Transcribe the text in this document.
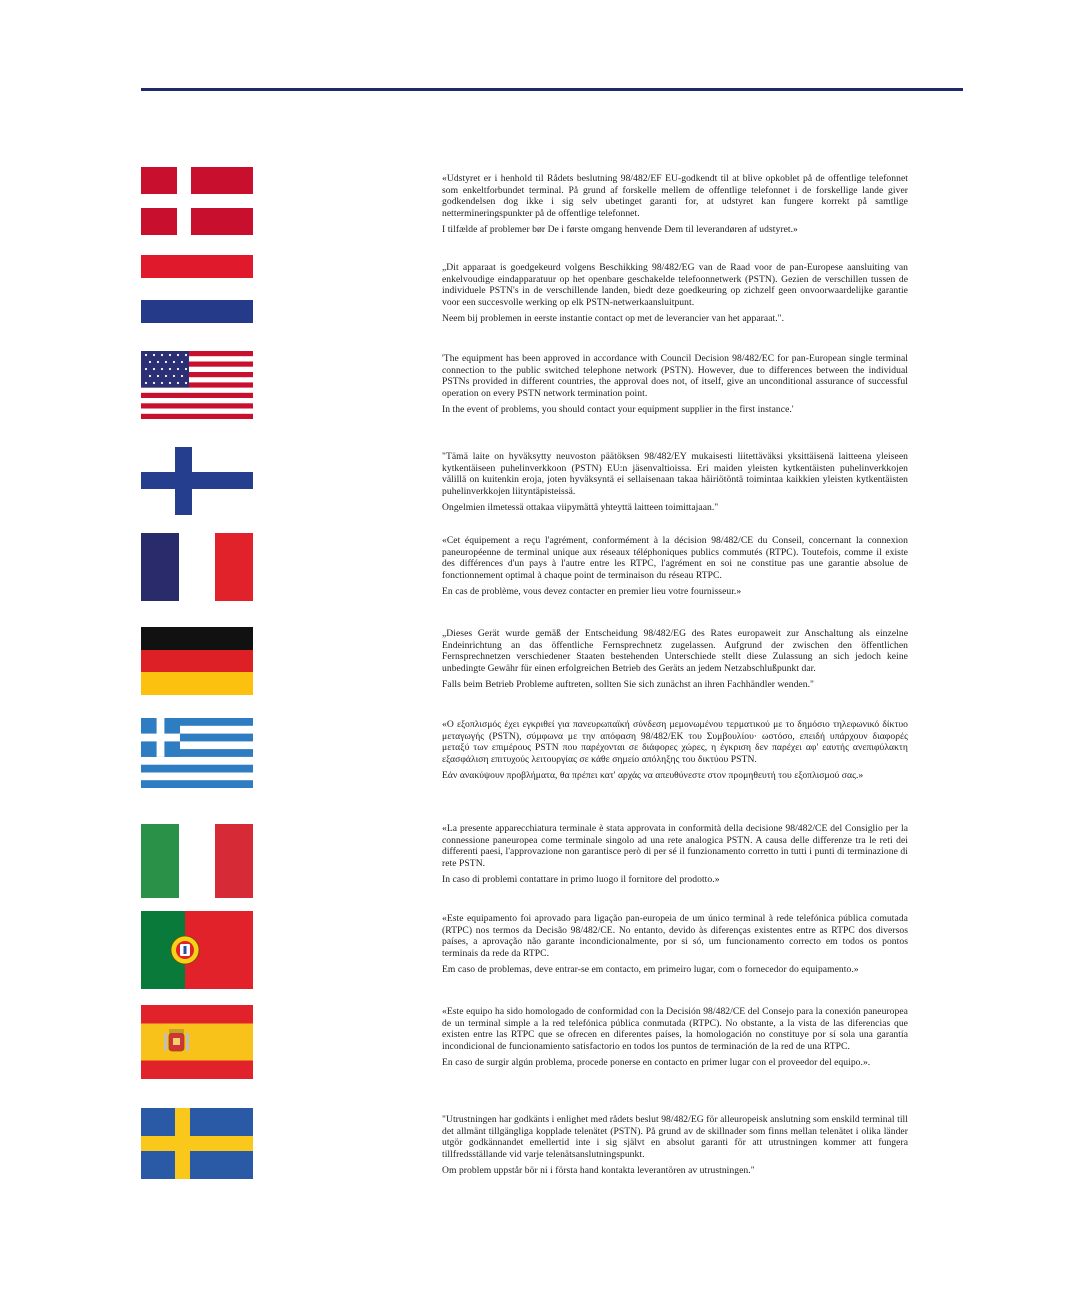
«Udstyret er i henhold til Rådets beslutning 98/482/EF EU-godkendt til at blive opkoblet på de offentlige telefonnet som enkeltforbundet terminal. På grund af forskelle mellem de offentlige telefonnet i de forskellige lande giver godkendelsen dog ikke i sig selv ubetinget garanti for, at udstyret kan fungere korrekt på samtlige nettermineringspunkter på de offentlige telefonnet.

I tilfælde af problemer bør De i første omgang henvende Dem til leverandøren af udstyret.»

„Dit apparaat is goedgekeurd volgens Beschikking 98/482/EG van de Raad voor de pan-Europese aansluiting van enkelvoudige eindapparatuur op het openbare geschakelde telefoonnetwerk (PSTN). Gezien de verschillen tussen de individuele PSTN's in de verschillende landen, biedt deze goedkeuring op zichzelf geen onvoorwaardelijke garantie voor een succesvolle werking op elk PSTN-netwerkaansluitpunt.

Neem bij problemen in eerste instantie contact op met de leverancier van het apparaat.".

'The equipment has been approved in accordance with Council Decision 98/482/EC for pan-European single terminal connection to the public switched telephone network (PSTN). However, due to differences between the individual PSTNs provided in different countries, the approval does not, of itself, give an unconditional assurance of successful operation on every PSTN network termination point.

In the event of problems, you should contact your equipment supplier in the first instance.'

"Tämä laite on hyväksytty neuvoston päätöksen 98/482/EY mukaisesti liitettäväksi yksittäisenä laitteena yleiseen kytkentäiseen puhelinverkkoon (PSTN) EU:n jäsenvaltioissa. Eri maiden yleisten kytkentäisten puhelinverkkojen välillä on kuitenkin eroja, joten hyväksyntä ei sellaisenaan takaa häiriötöntä toimintaa kaikkien yleisten kytkentäisten puhelinverkkojen liityntäpisteissä.

Ongelmien ilmetessä ottakaa viipymättä yhteyttä laitteen toimittajaan."

«Cet équipement a reçu l'agrément, conformément à la décision 98/482/CE du Conseil, concernant la connexion paneuropéenne de terminal unique aux réseaux téléphoniques publics commutés (RTPC). Toutefois, comme il existe des différences d'un pays à l'autre entre les RTPC, l'agrément en soi ne constitue pas une garantie absolue de fonctionnement optimal à chaque point de terminaison du réseau RTPC.

En cas de problème, vous devez contacter en premier lieu votre fournisseur.»

„Dieses Gerät wurde gemäß der Entscheidung 98/482/EG des Rates europaweit zur Anschaltung als einzelne Endeinrichtung an das öffentliche Fernsprechnetz zugelassen. Aufgrund der zwischen den öffentlichen Fernsprechnetzen verschiedener Staaten bestehenden Unterschiede stellt diese Zulassung an sich jedoch keine unbedingte Gewähr für einen erfolgreichen Betrieb des Geräts an jedem Netzabschlußpunkt dar.

Falls beim Betrieb Probleme auftreten, sollten Sie sich zunächst an ihren Fachhändler wenden."

«Ο εξοπλισμός έχει εγκριθεί για πανευρωπαϊκή σύνδεση μεμονωμένου τερματικού με το δημόσιο τηλεφωνικό δίκτυο μεταγωγής (PSTN), σύμφωνα με την απόφαση 98/482/ΕΚ του Συμβουλίου· ωστόσο, επειδή υπάρχουν διαφορές μεταξύ των επιμέρους PSTN που παρέχονται σε διάφορες χώρες, η έγκριση δεν παρέχει αφ' εαυτής ανεπιφύλακτη εξασφάλιση επιτυχούς λειτουργίας σε κάθε σημείο απόληξης του δικτύου PSTN.

Εάν ανακύψουν προβλήματα, θα πρέπει κατ' αρχάς να απευθύνεστε στον προμηθευτή του εξοπλισμού σας.»

«La presente apparecchiatura terminale è stata approvata in conformità della decisione 98/482/CE del Consiglio per la connessione paneuropea come terminale singolo ad una rete analogica PSTN. A causa delle differenze tra le reti dei differenti paesi, l'approvazione non garantisce però di per sé il funzionamento corretto in tutti i punti di terminazione di rete PSTN.

In caso di problemi contattare in primo luogo il fornitore del prodotto.»

«Este equipamento foi aprovado para ligação pan-europeia de um único terminal à rede telefónica pública comutada (RTPC) nos termos da Decisão 98/482/CE. No entanto, devido às diferenças existentes entre as RTPC dos diversos países, a aprovação não garante incondicionalmente, por si só, um funcionamento correcto em todos os pontos terminais da rede da RTPC.

Em caso de problemas, deve entrar-se em contacto, em primeiro lugar, com o fornecedor do equipamento.»

«Este equipo ha sido homologado de conformidad con la Decisión 98/482/CE del Consejo para la conexión paneuropea de un terminal simple a la red telefónica pública conmutada (RTPC). No obstante, a la vista de las diferencias que existen entre las RTPC que se ofrecen en diferentes países, la homologación no constituye por sí sola una garantía incondicional de funcionamiento satisfactorio en todos los puntos de terminación de la red de una RTPC.

En caso de surgir algún problema, procede ponerse en contacto en primer lugar con el proveedor del equipo.».

"Utrustningen har godkänts i enlighet med rådets beslut 98/482/EG för alleuropeisk anslutning som enskild terminal till det allmänt tillgängliga kopplade telenätet (PSTN). På grund av de skillnader som finns mellan telenätet i olika länder utgör godkännandet emellertid inte i sig självt en absolut garanti för att utrustningen kommer att fungera tillfredsställande vid varje telenätsanslutningspunkt.

Om problem uppstår bör ni i första hand kontakta leverantören av utrustningen."
